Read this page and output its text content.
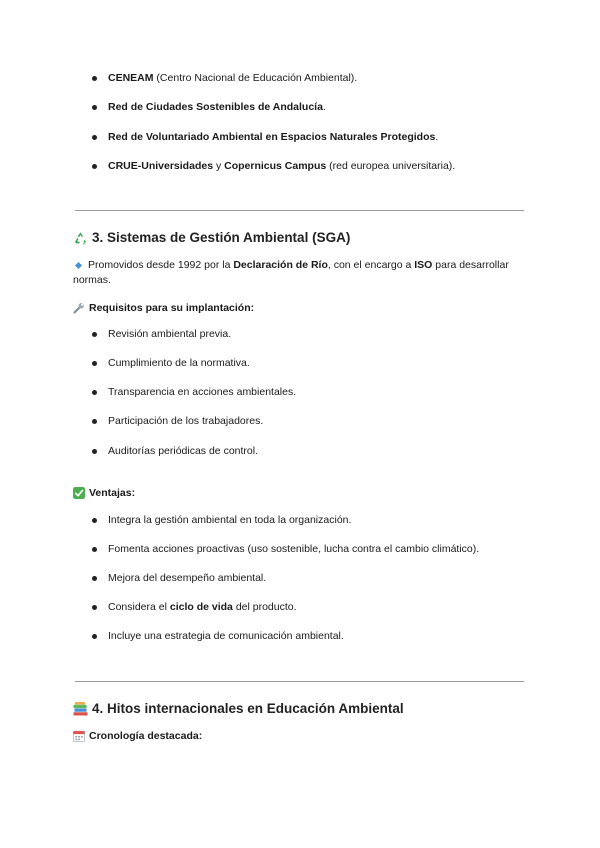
CENEAM (Centro Nacional de Educación Ambiental).
Red de Ciudades Sostenibles de Andalucía.
Red de Voluntariado Ambiental en Espacios Naturales Protegidos.
CRUE-Universidades y Copernicus Campus (red europea universitaria).
3. Sistemas de Gestión Ambiental (SGA)
Promovidos desde 1992 por la Declaración de Río, con el encargo a ISO para desarrollar normas.
Requisitos para su implantación:
Revisión ambiental previa.
Cumplimiento de la normativa.
Transparencia en acciones ambientales.
Participación de los trabajadores.
Auditorías periódicas de control.
Ventajas:
Integra la gestión ambiental en toda la organización.
Fomenta acciones proactivas (uso sostenible, lucha contra el cambio climático).
Mejora del desempeño ambiental.
Considera el ciclo de vida del producto.
Incluye una estrategia de comunicación ambiental.
4. Hitos internacionales en Educación Ambiental
Cronología destacada:
